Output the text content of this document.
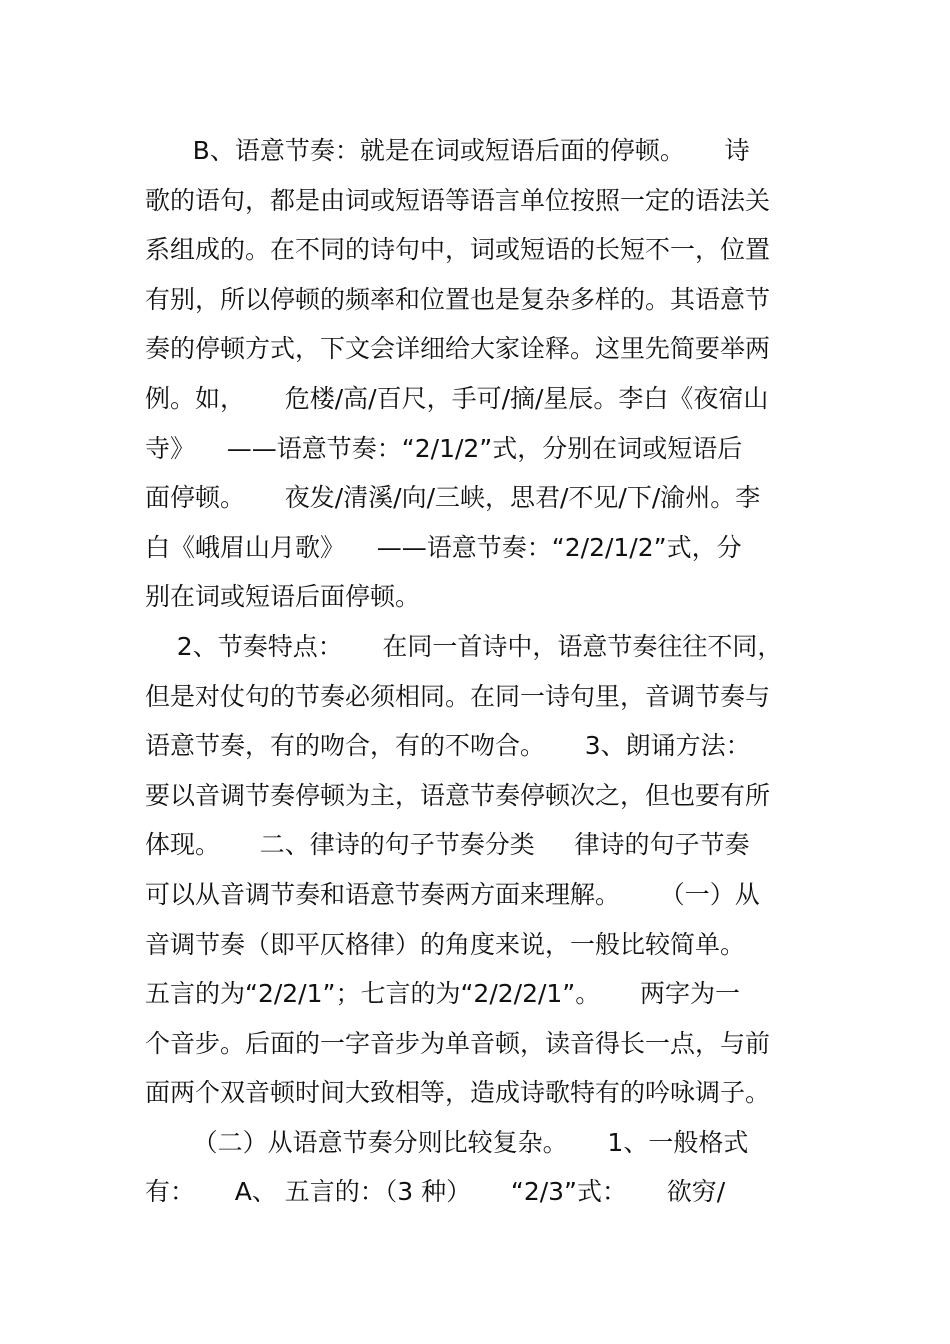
B、语意节奏：就是在词或短语后面的停顿。     诗
歌的语句，都是由词或短语等语言单位按照一定的语法关
系组成的。在不同的诗句中，词或短语的长短不一，位置
有别，所以停顿的频率和位置也是复杂多样的。其语意节
奏的停顿方式，下文会详细给大家诠释。这里先简要举两
例。如，     危楼/高/百尺，手可/摘/星辰。李白《夜宿山
寺》    ——语意节奏：“2/1/2”式，分别在词或短语后
面停顿。     夜发/清溪/向/三峡，思君/不见/下/渝州。李
白《峨眉山月歌》    ——语意节奏：“2/2/1/2”式，分
别在词或短语后面停顿。
2、节奏特点：     在同一首诗中，语意节奏往往不同，
但是对仗句的节奏必须相同。在同一诗句里，音调节奏与
语意节奏，有的吻合，有的不吻合。     3、朗诵方法：
要以音调节奏停顿为主，语意节奏停顿次之，但也要有所
体现。     二、律诗的句子节奏分类     律诗的句子节奏
可以从音调节奏和语意节奏两方面来理解。     （一）从
音调节奏（即平仄格律）的角度来说，一般比较简单。
五言的为“2/2/1”；七言的为“2/2/2/1”。     两字为一
个音步。后面的一字音步为单音顿，读音得长一点，与前
面两个双音顿时间大致相等，造成诗歌特有的吟咏调子。
（二）从语意节奏分则比较复杂。     1、一般格式
有：     A、 五言的：（3 种）     “2/3”式：     欲穷/
